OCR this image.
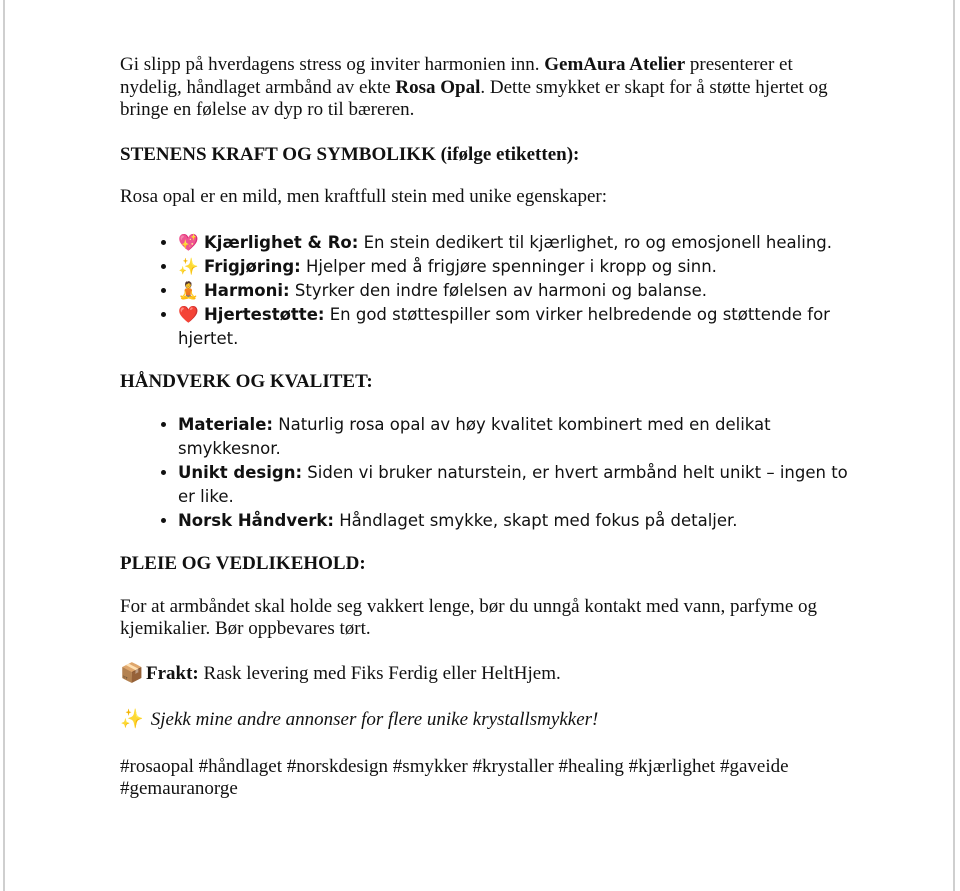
Gi slipp på hverdagens stress og inviter harmonien inn. GemAura Atelier presenterer et nydelig, håndlaget armbånd av ekte Rosa Opal. Dette smykket er skapt for å støtte hjertet og bringe en følelse av dyp ro til bæreren.

STENENS KRAFT OG SYMBOLIKK (ifølge etiketten):

Rosa opal er en mild, men kraftfull stein med unike egenskaper:

• 💖 Kjærlighet & Ro: En stein dedikert til kjærlighet, ro og emosjonell healing.
• ✨ Frigjøring: Hjelper med å frigjøre spenninger i kropp og sinn.
• 🧘 Harmoni: Styrker den indre følelsen av harmoni og balanse.
• ❤️ Hjertestøtte: En god støttespiller som virker helbredende og støttende for hjertet.

HÅNDVERK OG KVALITET:

• Materiale: Naturlig rosa opal av høy kvalitet kombinert med en delikat smykkesnor.
• Unikt design: Siden vi bruker naturstein, er hvert armbånd helt unikt – ingen to er like.
• Norsk Håndverk: Håndlaget smykke, skapt med fokus på detaljer.

PLEIE OG VEDLIKEHOLD:

For at armbåndet skal holde seg vakkert lenge, bør du unngå kontakt med vann, parfyme og kjemikalier. Bør oppbevares tørt.

📦 Frakt: Rask levering med Fiks Ferdig eller HeltHjem.

✨ Sjekk mine andre annonser for flere unike krystallsmykker!

#rosaopal #håndlaget #norskdesign #smykker #krystaller #healing #kjærlighet #gaveide #gemauranorge
